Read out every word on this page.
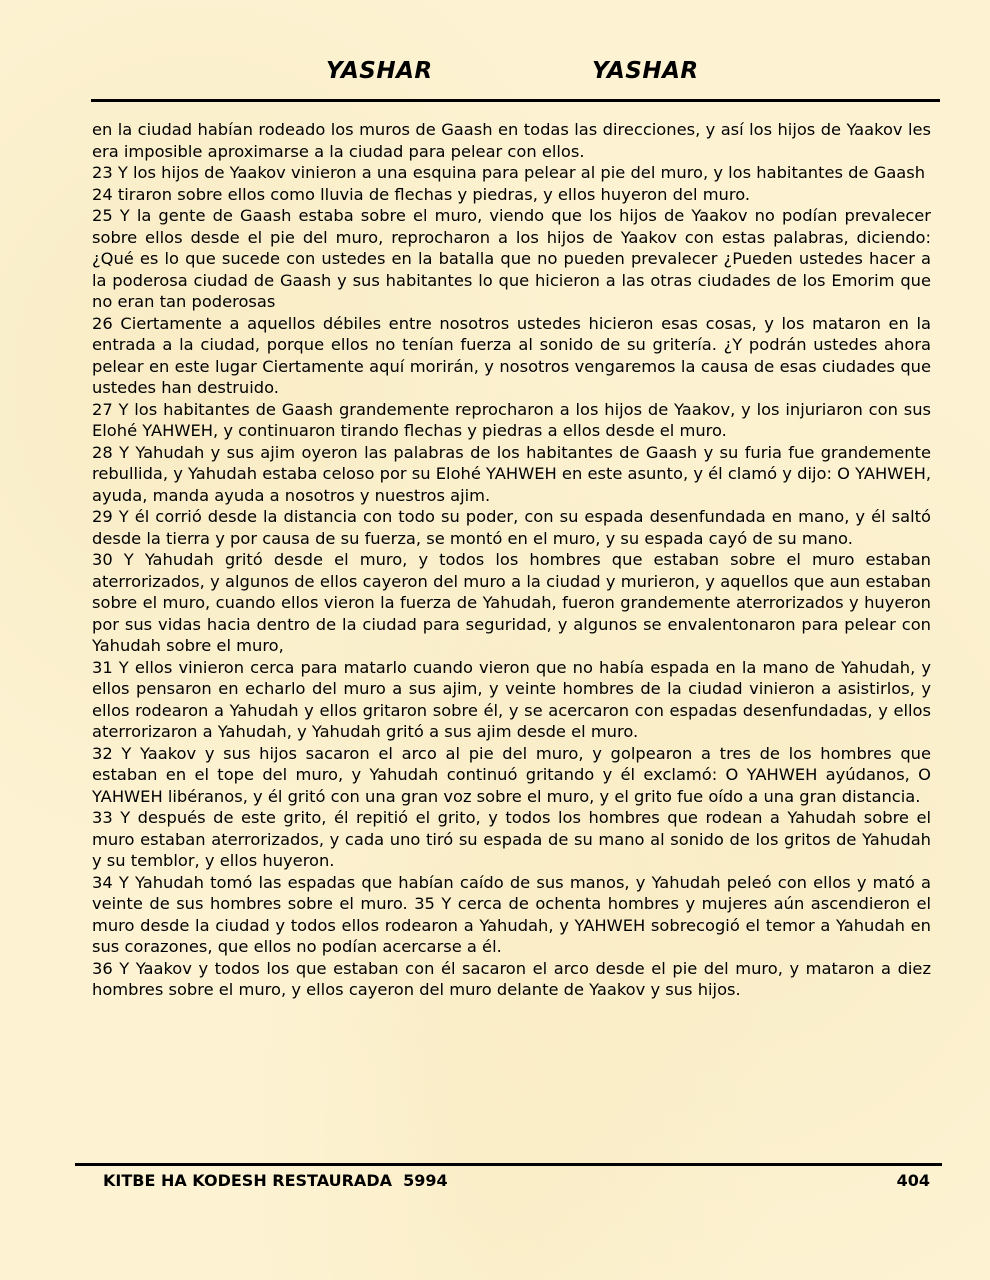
YASHAR	YASHAR

en la ciudad habían rodeado los muros de Gaash en todas las direcciones, y así los hijos de Yaakov les era imposible aproximarse a la ciudad para pelear con ellos.

23 Y los hijos de Yaakov vinieron a una esquina para pelear al pie del muro, y los habitantes de Gaash

24 tiraron sobre ellos como lluvia de flechas y piedras, y ellos huyeron del muro.

25 Y la gente de Gaash estaba sobre el muro, viendo que los hijos de Yaakov no podían prevalecer sobre ellos desde el pie del muro, reprocharon a los hijos de Yaakov con estas palabras, diciendo: ¿Qué es lo que sucede con ustedes en la batalla que no pueden prevalecer ¿Pueden ustedes hacer a la poderosa ciudad de Gaash y sus habitantes lo que hicieron a las otras ciudades de los Emorim que no eran tan poderosas

26 Ciertamente a aquellos débiles entre nosotros ustedes hicieron esas cosas, y los mataron en la entrada a la ciudad, porque ellos no tenían fuerza al sonido de su gritería. ¿Y podrán ustedes ahora pelear en este lugar Ciertamente aquí morirán, y nosotros vengaremos la causa de esas ciudades que ustedes han destruido.

27 Y los habitantes de Gaash grandemente reprocharon a los hijos de Yaakov, y los injuriaron con sus Elohé YAHWEH, y continuaron tirando flechas y piedras a ellos desde el muro.

28 Y Yahudah y sus ajim oyeron las palabras de los habitantes de Gaash y su furia fue grandemente rebullida, y Yahudah estaba celoso por su Elohé YAHWEH en este asunto, y él clamó y dijo: O YAHWEH, ayuda, manda ayuda a nosotros y nuestros ajim.

29 Y él corrió desde la distancia con todo su poder, con su espada desenfundada en mano, y él saltó desde la tierra y por causa de su fuerza, se montó en el muro, y su espada cayó de su mano.

30 Y Yahudah gritó desde el muro, y todos los hombres que estaban sobre el muro estaban aterrorizados, y algunos de ellos cayeron del muro a la ciudad y murieron, y aquellos que aun estaban sobre el muro, cuando ellos vieron la fuerza de Yahudah, fueron grandemente aterrorizados y huyeron por sus vidas hacia dentro de la ciudad para seguridad, y algunos se envalentonaron para pelear con Yahudah sobre el muro,

31 Y ellos vinieron cerca para matarlo cuando vieron que no había espada en la mano de Yahudah, y ellos pensaron en echarlo del muro a sus ajim, y veinte hombres de la ciudad vinieron a asistirlos, y ellos rodearon a Yahudah y ellos gritaron sobre él, y se acercaron con espadas desenfundadas, y ellos aterrorizaron a Yahudah, y Yahudah gritó a sus ajim desde el muro.

32 Y Yaakov y sus hijos sacaron el arco al pie del muro, y golpearon a tres de los hombres que estaban en el tope del muro, y Yahudah continuó gritando y él exclamó: O YAHWEH ayúdanos, O YAHWEH libéranos, y él gritó con una gran voz sobre el muro, y el grito fue oído a una gran distancia.

33 Y después de este grito, él repitió el grito, y todos los hombres que rodean a Yahudah sobre el muro estaban aterrorizados, y cada uno tiró su espada de su mano al sonido de los gritos de Yahudah y su temblor, y ellos huyeron.

34 Y Yahudah tomó las espadas que habían caído de sus manos, y Yahudah peleó con ellos y mató a veinte de sus hombres sobre el muro. 35 Y cerca de ochenta hombres y mujeres aún ascendieron el muro desde la ciudad y todos ellos rodearon a Yahudah, y YAHWEH sobrecogió el temor a Yahudah en sus corazones, que ellos no podían acercarse a él.

36 Y Yaakov y todos los que estaban con él sacaron el arco desde el pie del muro, y mataron a diez hombres sobre el muro, y ellos cayeron del muro delante de Yaakov y sus hijos.

KITBE HA KODESH RESTAURADA  5994	404
